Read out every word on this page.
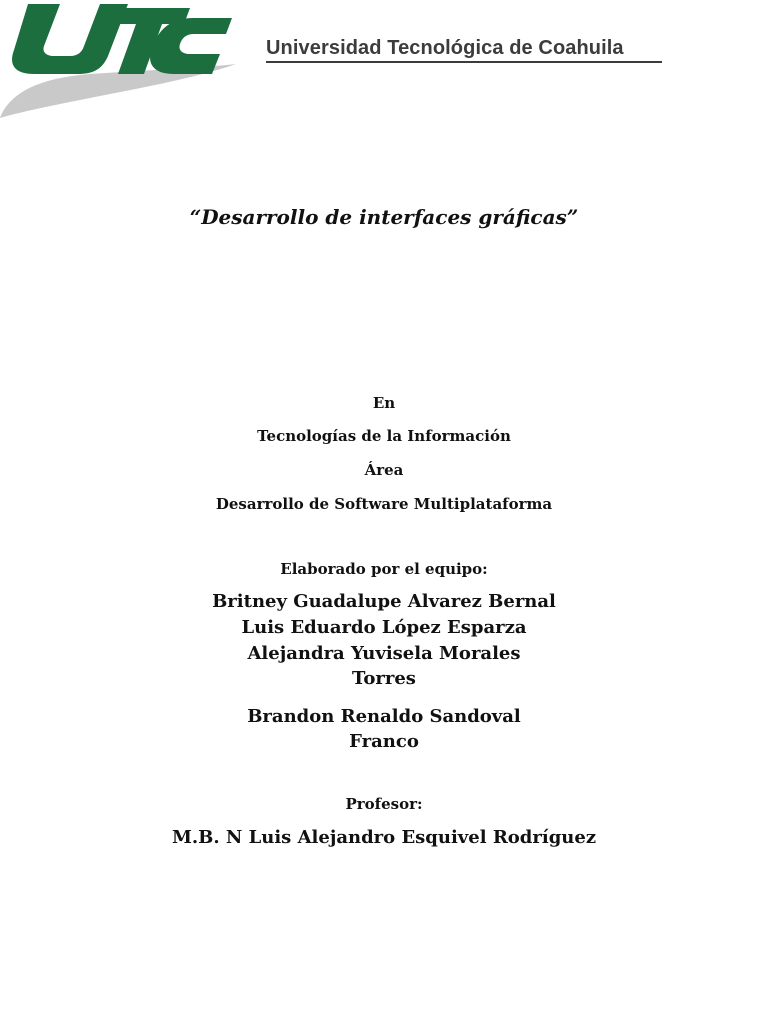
Universidad Tecnológica de Coahuila
“Desarrollo de interfaces gráficas”
En
Tecnologías de la Información
Área
Desarrollo de Software Multiplataforma
Elaborado por el equipo:
Britney Guadalupe Alvarez Bernal
Luis Eduardo López Esparza
Alejandra Yuvisela Morales
Torres
Brandon Renaldo Sandoval
Franco
Profesor:
M.B. N Luis Alejandro Esquivel Rodríguez
